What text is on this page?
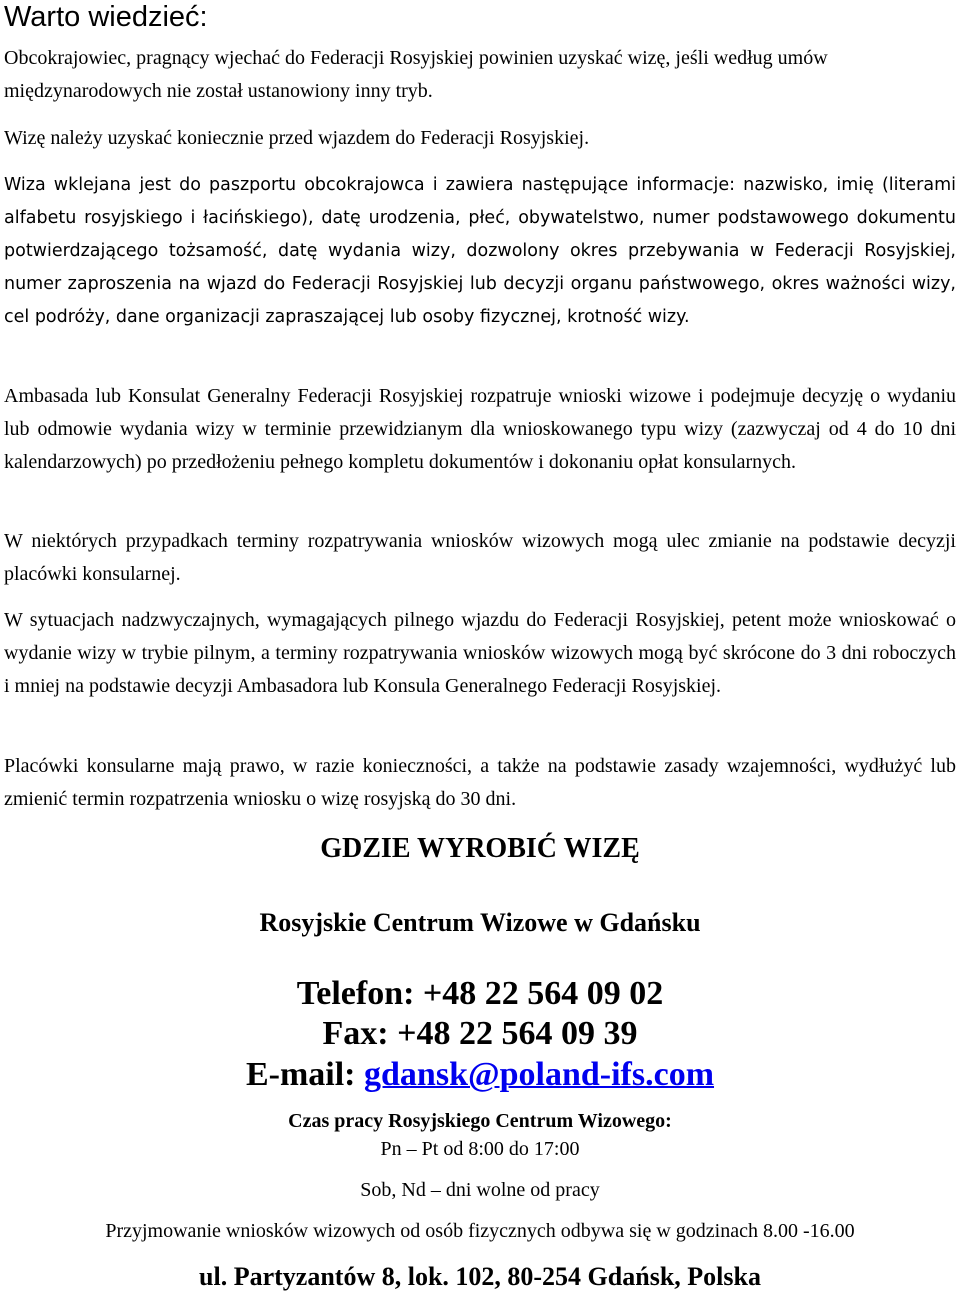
Warto wiedzieć:

Obcokrajowiec, pragnący wjechać do Federacji Rosyjskiej powinien uzyskać wizę, jeśli według umów międzynarodowych nie został ustanowiony inny tryb.

Wizę należy uzyskać koniecznie przed wjazdem do Federacji Rosyjskiej.

Wiza wklejana jest do paszportu obcokrajowca i zawiera następujące informacje: nazwisko, imię (literami alfabetu rosyjskiego i łacińskiego), datę urodzenia, płeć, obywatelstwo, numer podstawowego dokumentu potwierdzającego tożsamość, datę wydania wizy, dozwolony okres przebywania w Federacji Rosyjskiej, numer zaproszenia na wjazd do Federacji Rosyjskiej lub decyzji organu państwowego, okres ważności wizy, cel podróży, dane organizacji zapraszającej lub osoby fizycznej, krotność wizy.

Ambasada lub Konsulat Generalny Federacji Rosyjskiej rozpatruje wnioski wizowe i podejmuje decyzję o wydaniu lub odmowie wydania wizy w terminie przewidzianym dla wnioskowanego typu wizy (zazwyczaj od 4 do 10 dni kalendarzowych) po przedłożeniu pełnego kompletu dokumentów i dokonaniu opłat konsularnych.

W niektórych przypadkach terminy rozpatrywania wniosków wizowych mogą ulec zmianie na podstawie decyzji placówki konsularnej.

W sytuacjach nadzwyczajnych, wymagających pilnego wjazdu do Federacji Rosyjskiej, petent może wnioskować o wydanie wizy w trybie pilnym, a terminy rozpatrywania wniosków wizowych mogą być skrócone do 3 dni roboczych i mniej na podstawie decyzji Ambasadora lub Konsula Generalnego Federacji Rosyjskiej.

Placówki konsularne mają prawo, w razie konieczności, a także na podstawie zasady wzajemności, wydłużyć lub zmienić termin rozpatrzenia wniosku o wizę rosyjską do 30 dni.

GDZIE WYROBIĆ WIZĘ
Rosyjskie Centrum Wizowe w Gdańsku

Telefon: +48 22 564 09 02

Fax: +48 22 564 09 39

E-mail: gdansk@poland-ifs.com

Czas pracy Rosyjskiego Centrum Wizowego:

Pn – Pt od 8:00 do 17:00

Sob, Nd – dni wolne od pracy

Przyjmowanie wniosków wizowych od osób fizycznych odbywa się w godzinach 8.00 -16.00

ul. Partyzantów 8, lok. 102, 80-254 Gdańsk, Polska
